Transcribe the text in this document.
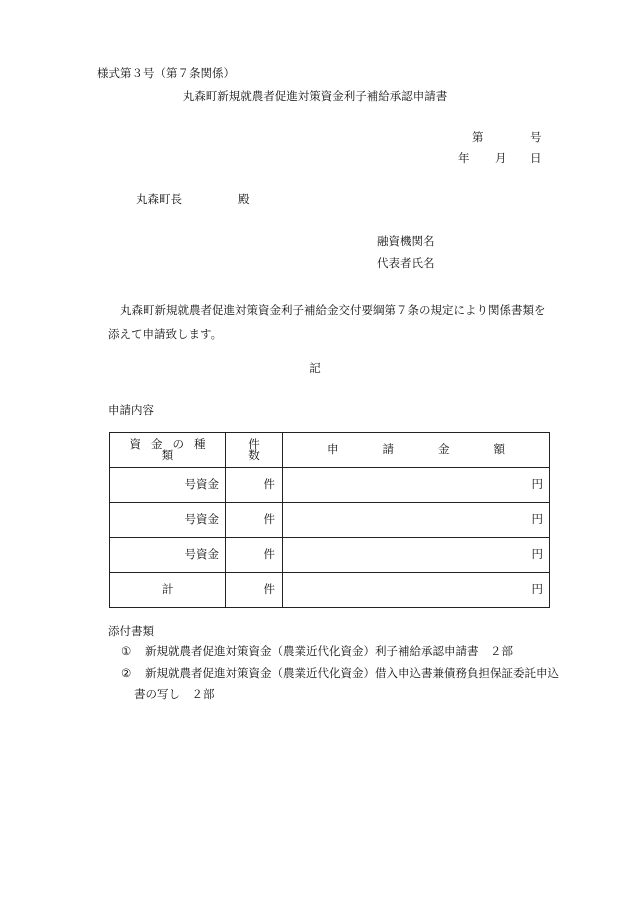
様式第３号（第７条関係）
丸森町新規就農者促進対策資金利子補給承認申請書
第	号
年 月 日
丸森町長	殿
融資機関名
代表者氏名
丸森町新規就農者促進対策資金利子補給金交付要綱第７条の規定により関係書類を添えて申請致します。
記
申請内容
資金の種類	件数	申請金額
号資金	件	円
号資金	件	円
号資金	件	円
計	件	円
添付書類
① 新規就農者促進対策資金（農業近代化資金）利子補給承認申請書　２部
② 新規就農者促進対策資金（農業近代化資金）借入申込書兼債務負担保証委託申込
書の写し　２部
